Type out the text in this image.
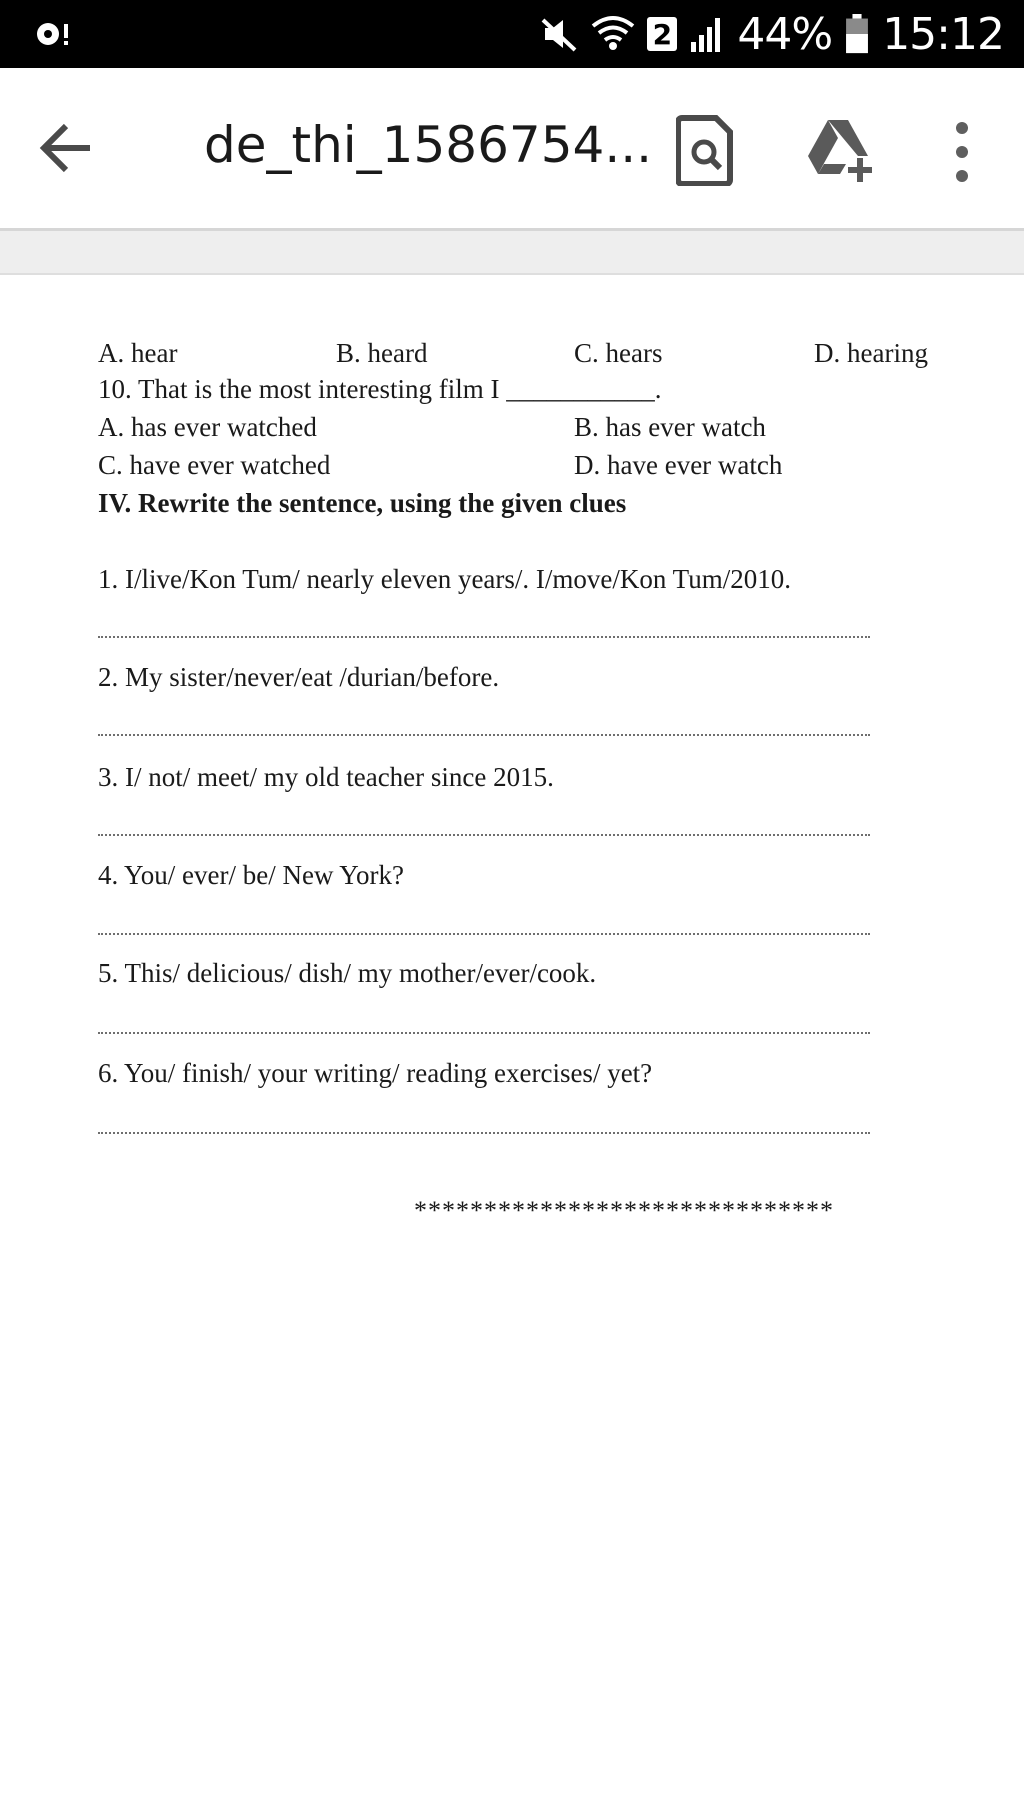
2 44% 15:12
de_thi_1586754...
A. hear	B. heard	C. hears	D. hearing
10. That is the most interesting film I ___________.
A. has ever watched	B. has ever watch
C. have ever watched	D. have ever watch
IV. Rewrite the sentence, using the given clues
1. I/live/Kon Tum/ nearly eleven years/. I/move/Kon Tum/2010.
2. My sister/never/eat /durian/before.
3. I/ not/ meet/ my old teacher since 2015.
4. You/ ever/ be/ New York?
5. This/ delicious/ dish/ my mother/ever/cook.
6. You/ finish/ your writing/ reading exercises/ yet?
******************************
